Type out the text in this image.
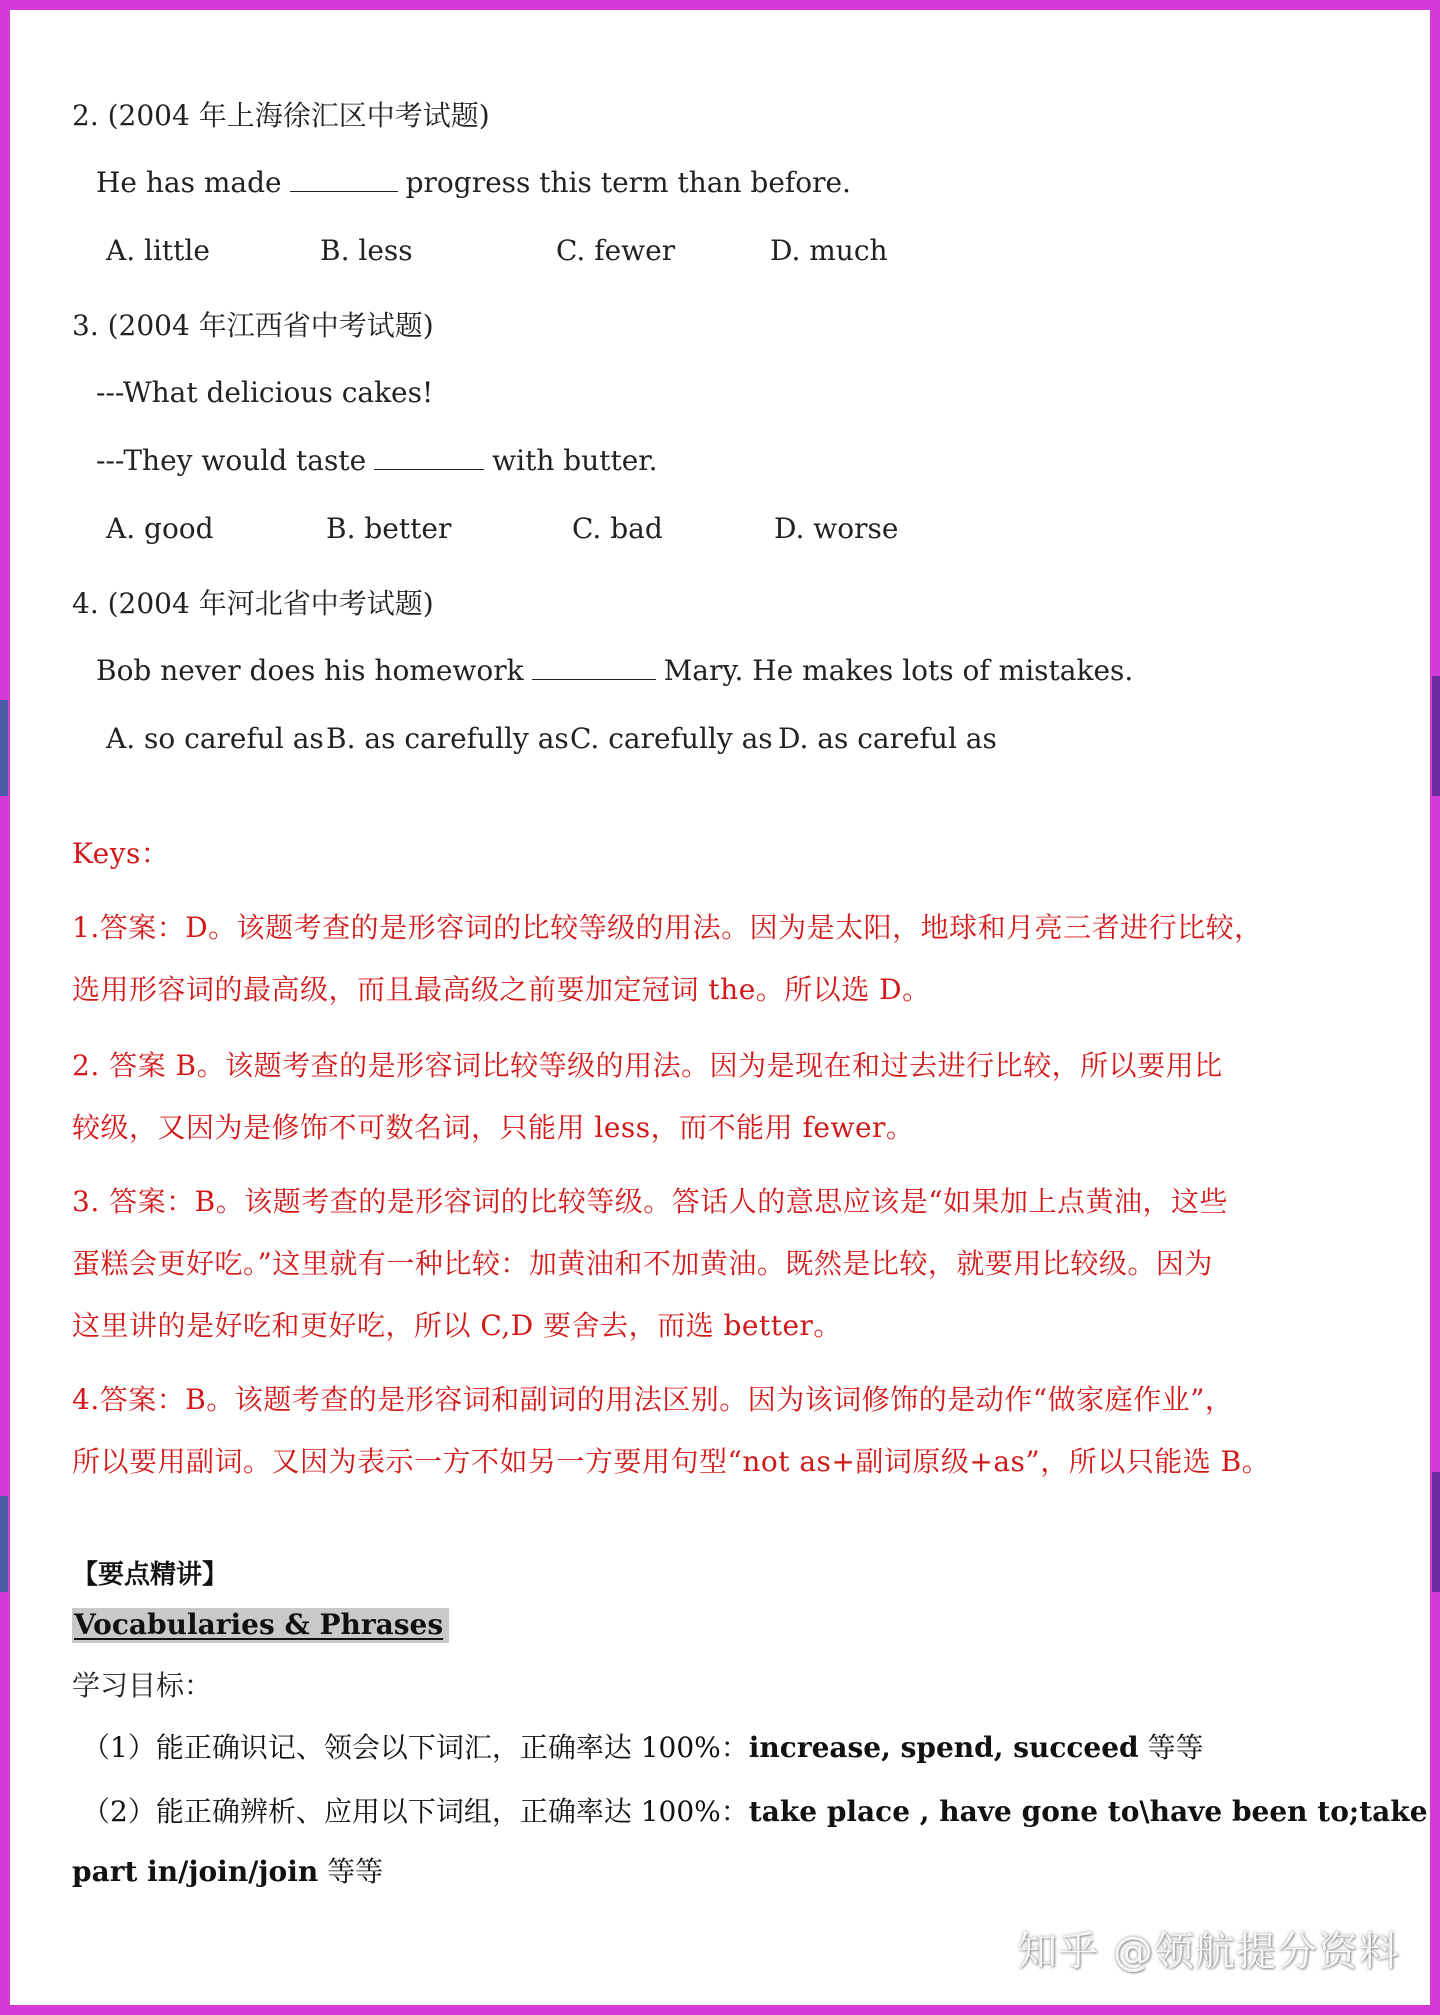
2. (2004 年上海徐汇区中考试题)
He has made	progress this term than before.
A. little	B. less	C. fewer	D. much
3. (2004 年江西省中考试题)
---What delicious cakes!
---They would taste	with butter.
A. good	B. better	C. bad	D. worse
4. (2004 年河北省中考试题)
Bob never does his homework	Mary. He makes lots of mistakes.
A. so careful as B. as carefully as C. carefully as D. as careful as
Keys：
1.答案：D。该题考查的是形容词的比较等级的用法。因为是太阳，地球和月亮三者进行比较，
选用形容词的最高级，而且最高级之前要加定冠词 the。所以选 D。
2. 答案 B。该题考查的是形容词比较等级的用法。因为是现在和过去进行比较，所以要用比
较级，又因为是修饰不可数名词，只能用 less，而不能用 fewer。
3. 答案：B。该题考查的是形容词的比较等级。答话人的意思应该是“如果加上点黄油，这些
蛋糕会更好吃。”这里就有一种比较：加黄油和不加黄油。既然是比较，就要用比较级。因为
这里讲的是好吃和更好吃，所以 C,D 要舍去，而选 better。
4.答案：B。该题考查的是形容词和副词的用法区别。因为该词修饰的是动作“做家庭作业”，
所以要用副词。又因为表示一方不如另一方要用句型“not as+副词原级+as”，所以只能选 B。
【要点精讲】
Vocabularies & Phrases
学习目标：
（1）能正确识记、领会以下词汇，正确率达 100%：increase, spend, succeed 等等
（2）能正确辨析、应用以下词组，正确率达 100%：take place , have gone to\have been to;take
part in/join/join 等等
知乎 @领航提分资料
